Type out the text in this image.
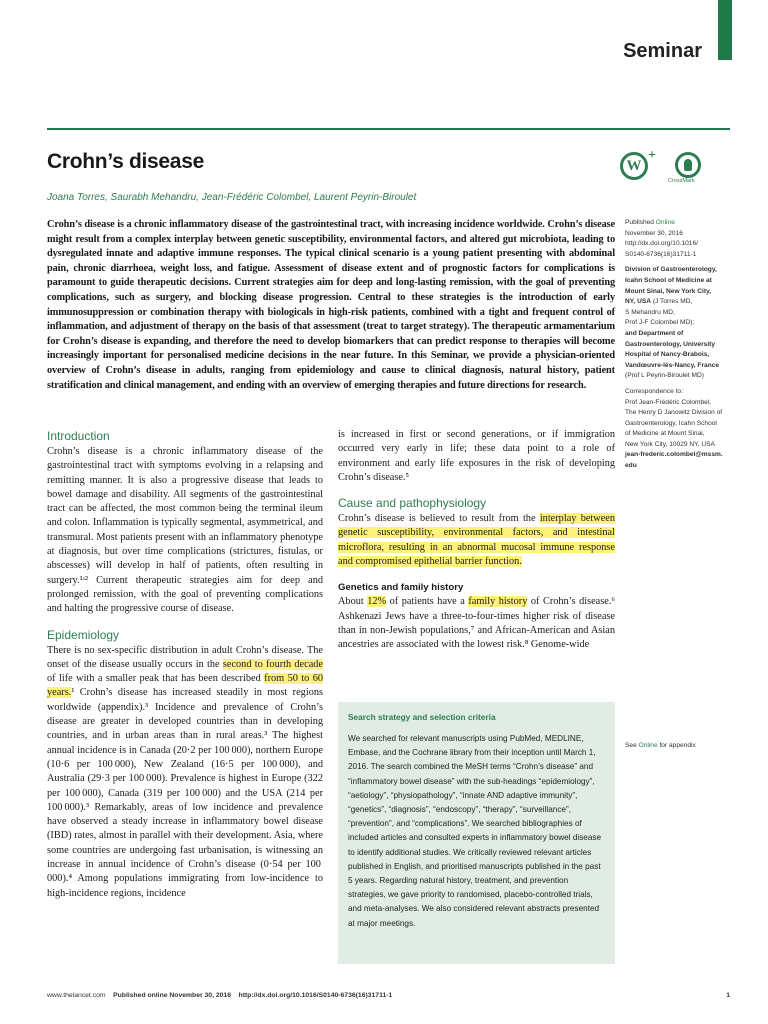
Seminar
Crohn’s disease
Joana Torres, Saurabh Mehandru, Jean-Frédéric Colombel, Laurent Peyrin-Biroulet
W
+
CrossMark

Crohn’s disease is a chronic inflammatory disease of the gastrointestinal tract, with increasing incidence worldwide. Crohn’s disease might result from a complex interplay between genetic susceptibility, environmental factors, and altered gut microbiota, leading to dysregulated innate and adaptive immune responses. The typical clinical scenario is a young patient presenting with abdominal pain, chronic diarrhoea, weight loss, and fatigue. Assessment of disease extent and of prognostic factors for complications is paramount to guide therapeutic decisions. Current strategies aim for deep and long-lasting remission, with the goal of preventing complications, such as surgery, and blocking disease progression. Central to these strategies is the introduction of early immunosuppression or combination therapy with biologicals in high-risk patients, combined with a tight and frequent control of inflammation, and adjustment of therapy on the basis of that assessment (treat to target strategy). The therapeutic armamentarium for Crohn’s disease is expanding, and therefore the need to develop biomarkers that can predict response to therapies will become increasingly important for personalised medicine decisions in the near future. In this Seminar, we provide a physician-oriented overview of Crohn’s disease in adults, ranging from epidemiology and cause to clinical diagnosis, natural history, patient stratification and clinical management, and ending with an overview of emerging therapies and future directions for research.

Published Online
November 30, 2016
http://dx.doi.org/10.1016/
S0140-6736(16)31711-1
Division of Gastroenterology,
Icahn School of Medicine at
Mount Sinai, New York City,
NY, USA (J Torres MD,
S Mehandru MD,
Prof J-F Colombel MD);
and Department of
Gastroenterology, University
Hospital of Nancy-Brabois,
Vandœuvre-lès-Nancy, France
(Prof L Peyrin-Biroulet MD)
Correspondence to:
Prof Jean-Frédéric Colombel,
The Henry D Janowitz Division of
Gastroenterology, Icahn School
of Medicine at Mount Sinai,
New York City, 10029 NY, USA
jean-frederic.colombel@mssm.
edu
Introduction

Crohn’s disease is a chronic inflammatory disease of the gastrointestinal tract with symptoms evolving in a relapsing and remitting manner. It is also a progressive disease that leads to bowel damage and disability. All segments of the gastrointestinal tract can be affected, the most common being the terminal ileum and colon. Inflammation is typically segmental, asymmetrical, and transmural. Most patients present with an inflammatory phenotype at diagnosis, but over time complications (strictures, fistulas, or abscesses) will develop in half of patients, often resulting in surgery.¹ʴ² Current therapeutic strategies aim for deep and prolonged remission, with the goal of preventing complications and halting the progressive course of disease.

Epidemiology

There is no sex-specific distribution in adult Crohn’s disease. The onset of the disease usually occurs in the second to fourth decade of life with a smaller peak that has been described from 50 to 60 years.¹ Crohn’s disease has increased steadily in most regions worldwide (appendix).³ Incidence and prevalence of Crohn’s disease are greater in developed countries than in developing countries, and in urban areas than in rural areas.³ The highest annual incidence is in Canada (20·2 per 100 000), northern Europe (10·6 per 100 000), New Zealand (16·5 per 100 000), and Australia (29·3 per 100 000). Prevalence is highest in Europe (322 per 100 000), Canada (319 per 100 000) and the USA (214 per 100 000).³ Remarkably, areas of low incidence and prevalence have observed a steady increase in inflammatory bowel disease (IBD) rates, almost in parallel with their development. Asia, where some countries are undergoing fast urbanisation, is witnessing an increase in annual incidence of Crohn’s disease (0·54 per 100 000).⁴ Among populations immigrating from low-incidence to high-incidence regions, incidence

is increased in first or second generations, or if immigration occurred very early in life; these data point to a role of environment and early life exposures in the risk of developing Crohn’s disease.⁵

Cause and pathophysiology

Crohn’s disease is believed to result from the interplay between genetic susceptibility, environmental factors, and intestinal microflora, resulting in an abnormal mucosal immune response and compromised epithelial barrier function.

Genetics and family history

About 12% of patients have a family history of Crohn’s disease.⁶ Ashkenazi Jews have a three-to-four-times higher risk of disease than in non-Jewish populations,⁷ and African-American and Asian ancestries are associated with the lowest risk.⁸ Genome-wide

Search strategy and selection criteria

We searched for relevant manuscripts using PubMed, MEDLINE, Embase, and the Cochrane library from their inception until March 1, 2016. The search combined the MeSH terms “Crohn’s disease” and “inflammatory bowel disease” with the sub-headings “epidemiology”, “aetiology”, “physiopathology”, “innate AND adaptive immunity”, “genetics”, “diagnosis”, “endoscopy”, “therapy”, “surveillance”, “prevention”, and “complications”. We searched bibliographies of included articles and consulted experts in inflammatory bowel disease to identify additional studies. We critically reviewed relevant articles published in English, and prioritised manuscripts published in the past 5 years. Regarding natural history, treatment, and prevention strategies, we gave priority to randomised, placebo-controlled trials, and meta-analyses. We also considered relevant abstracts presented at major meetings.

See Online for appendix
www.thelancet.com Published online November 30, 2016 http://dx.doi.org/10.1016/S0140-6736(16)31711-1	1
